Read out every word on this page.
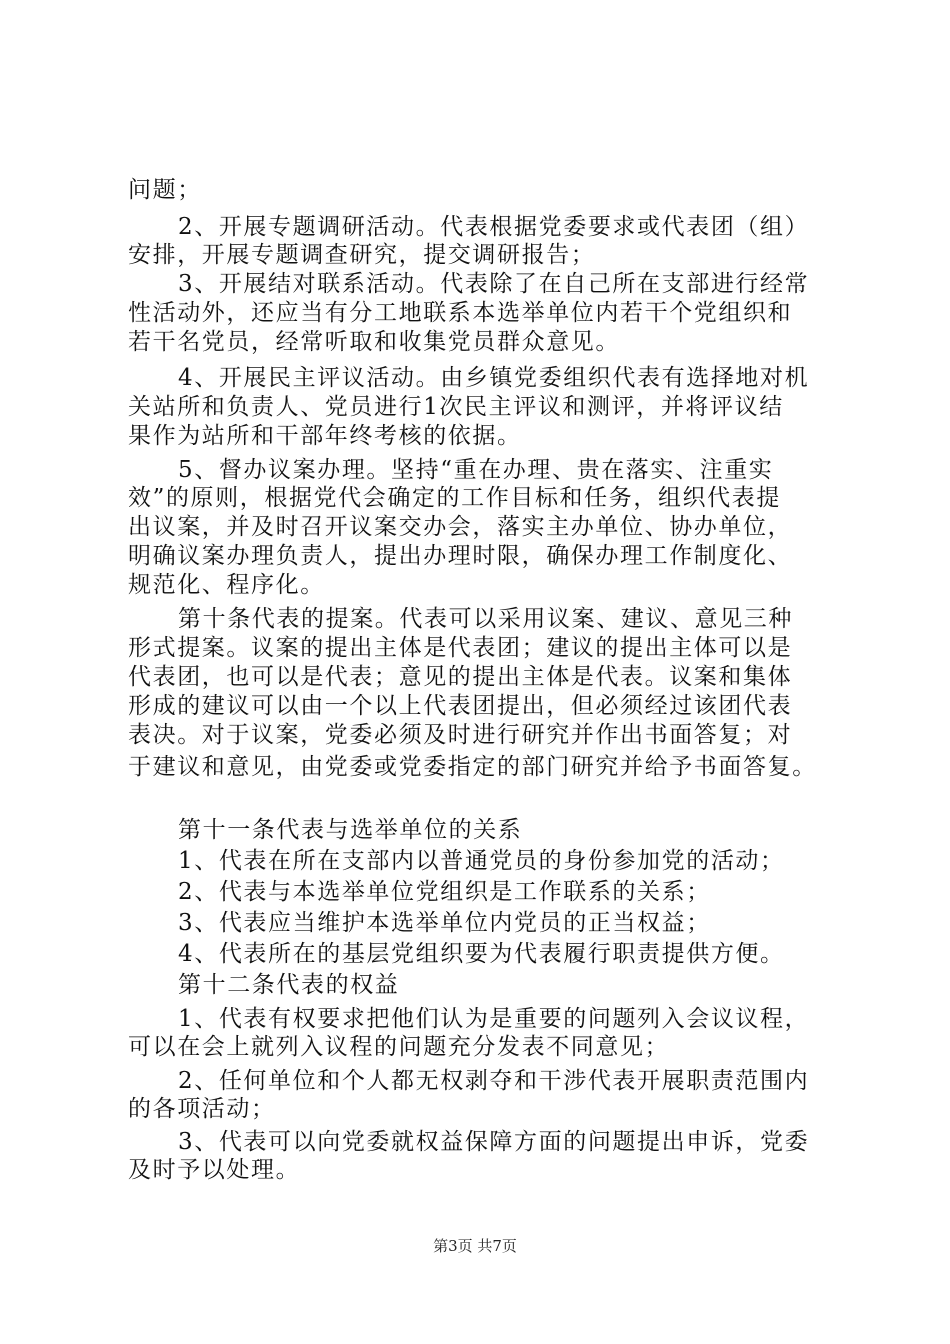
问题；
2、开展专题调研活动。代表根据党委要求或代表团（组）
安排，开展专题调查研究，提交调研报告；
3、开展结对联系活动。代表除了在自己所在支部进行经常
性活动外，还应当有分工地联系本选举单位内若干个党组织和
若干名党员，经常听取和收集党员群众意见。
4、开展民主评议活动。由乡镇党委组织代表有选择地对机
关站所和负责人、党员进行1次民主评议和测评，并将评议结
果作为站所和干部年终考核的依据。
5、督办议案办理。坚持“重在办理、贵在落实、注重实
效”的原则，根据党代会确定的工作目标和任务，组织代表提
出议案，并及时召开议案交办会，落实主办单位、协办单位，
明确议案办理负责人，提出办理时限，确保办理工作制度化、
规范化、程序化。
第十条代表的提案。代表可以采用议案、建议、意见三种
形式提案。议案的提出主体是代表团；建议的提出主体可以是
代表团，也可以是代表；意见的提出主体是代表。议案和集体
形成的建议可以由一个以上代表团提出，但必须经过该团代表
表决。对于议案，党委必须及时进行研究并作出书面答复；对
于建议和意见，由党委或党委指定的部门研究并给予书面答复。
第十一条代表与选举单位的关系
1、代表在所在支部内以普通党员的身份参加党的活动；
2、代表与本选举单位党组织是工作联系的关系；
3、代表应当维护本选举单位内党员的正当权益；
4、代表所在的基层党组织要为代表履行职责提供方便。
第十二条代表的权益
1、代表有权要求把他们认为是重要的问题列入会议议程，
可以在会上就列入议程的问题充分发表不同意见；
2、任何单位和个人都无权剥夺和干涉代表开展职责范围内
的各项活动；
3、代表可以向党委就权益保障方面的问题提出申诉，党委
及时予以处理。
第3页 共7页
